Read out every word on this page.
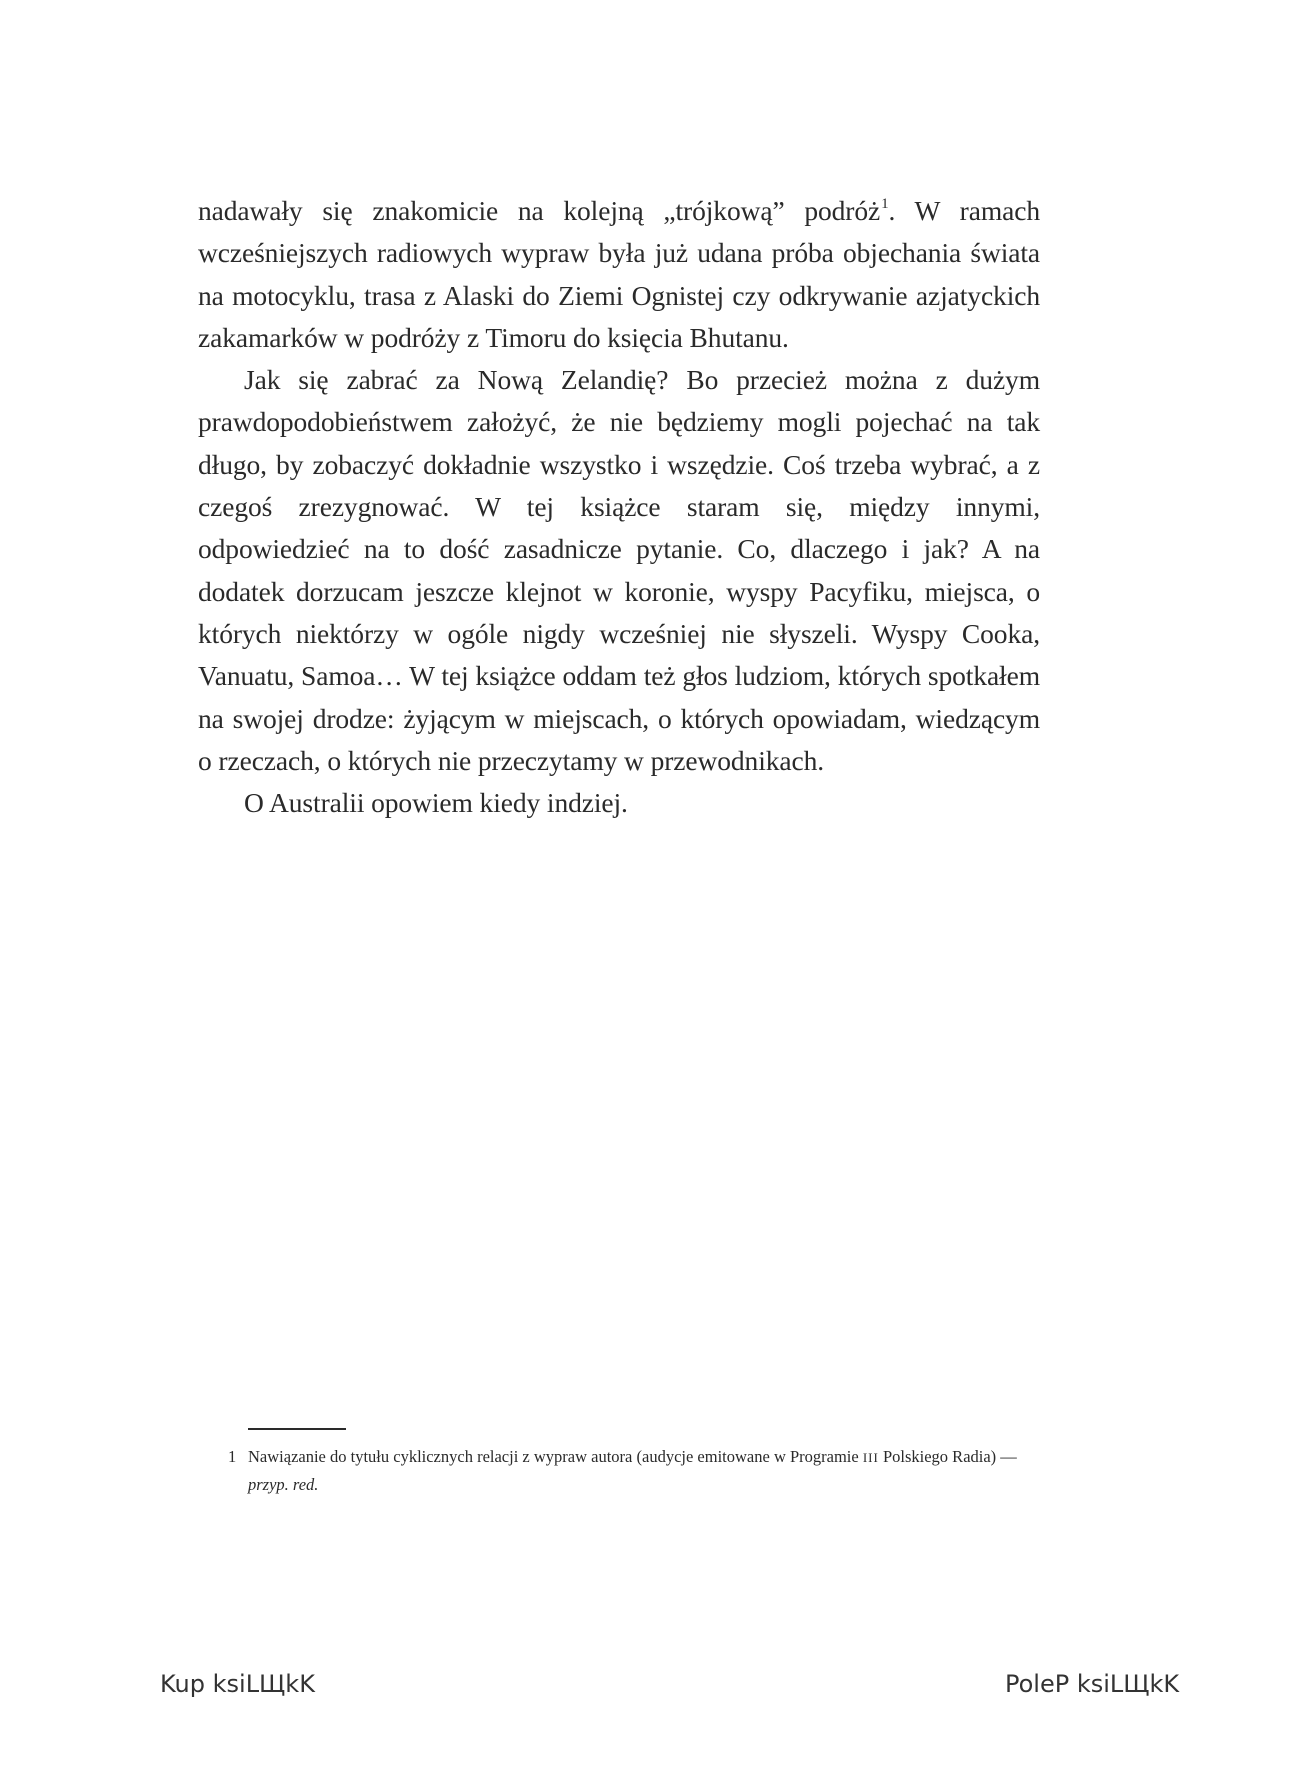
nadawały się znakomicie na kolejną „trójkową” podróż$^1$. W ramach wcześniejszych radiowych wypraw była już udana próba objechania świata na motocyklu, trasa z Alaski do Ziemi Ognistej czy odkrywanie azjatyckich zakamarków w podróży z Timoru do księcia Bhutanu.

Jak się zabrać za Nową Zelandię? Bo przecież można z dużym prawdopodobieństwem założyć, że nie będziemy mogli pojechać na tak długo, by zobaczyć dokładnie wszystko i wszędzie. Coś trzeba wybrać, a z czegoś zrezygnować. W tej książce staram się, między innymi, odpowiedzieć na to dość zasadnicze pytanie. Co, dlaczego i jak? A na dodatek dorzucam jeszcze klejnot w koronie, wyspy Pacyfiku, miejsca, o których niektórzy w ogóle nigdy wcześniej nie słyszeli. Wyspy Cooka, Vanuatu, Samoa… W tej książce oddam też głos ludziom, których spotkałem na swojej drodze: żyjącym w miejscach, o których opowiadam, wiedzącym o rzeczach, o których nie przeczytamy w przewodnikach.

O Australii opowiem kiedy indziej.

1 Nawiązanie do tytułu cyklicznych relacji z wypraw autora (audycje emitowane w Programie III Polskiego Radia) — przyp. red.
Kup ksiLЩkK	PoleP ksiLЩkK
